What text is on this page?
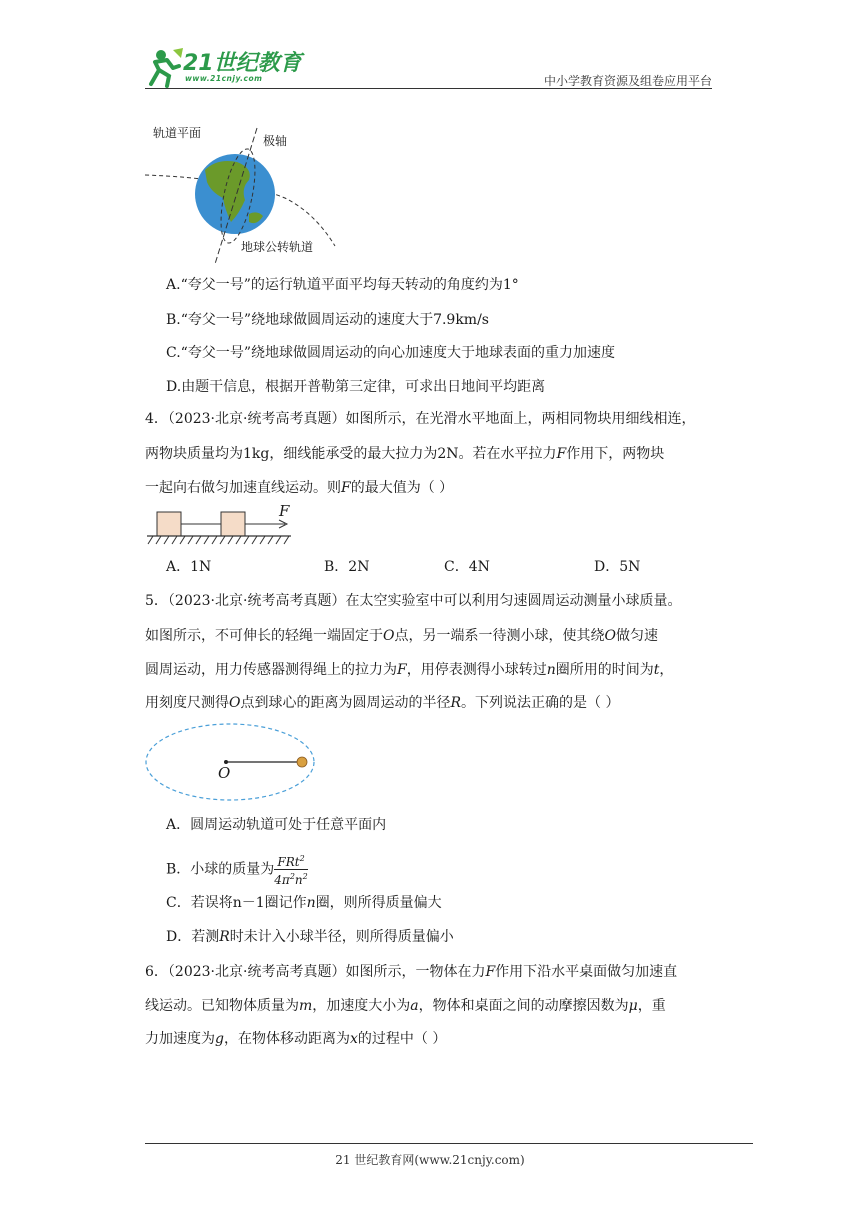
21世纪教育
www.21cnjy.com	中小学教育资源及组卷应用平台
轨道平面
极轴
地球公转轨道
A.“夸父一号”的运行轨道平面平均每天转动的角度约为1°
B.“夸父一号”绕地球做圆周运动的速度大于7.9km/s
C.“夸父一号”绕地球做圆周运动的向心加速度大于地球表面的重力加速度
D.由题干信息，根据开普勒第三定律，可求出日地间平均距离
4．（2023·北京·统考高考真题）如图所示，在光滑水平地面上，两相同物块用细线相连，
两物块质量均为1kg，细线能承受的最大拉力为2N。若在水平拉力F作用下，两物块
一起向右做匀加速直线运动。则F的最大值为（ ）
F
A．1N	B．2N	C．4N	D．5N
5．（2023·北京·统考高考真题）在太空实验室中可以利用匀速圆周运动测量小球质量。
如图所示，不可伸长的轻绳一端固定于O点，另一端系一待测小球，使其绕O做匀速
圆周运动，用力传感器测得绳上的拉力为F，用停表测得小球转过n圈所用的时间为t，
用刻度尺测得O点到球心的距离为圆周运动的半径R。下列说法正确的是（ ）
O
A．圆周运动轨道可处于任意平面内
B．小球的质量为 $\frac{FRt^2}{4\pi^2n^2}$
C．若误将n－1圈记作n圈，则所得质量偏大
D．若测R时未计入小球半径，则所得质量偏小
6．（2023·北京·统考高考真题）如图所示，一物体在力F作用下沿水平桌面做匀加速直
线运动。已知物体质量为m，加速度大小为a，物体和桌面之间的动摩擦因数为μ，重
力加速度为g，在物体移动距离为x的过程中（ ）
21 世纪教育网(www.21cnjy.com)
